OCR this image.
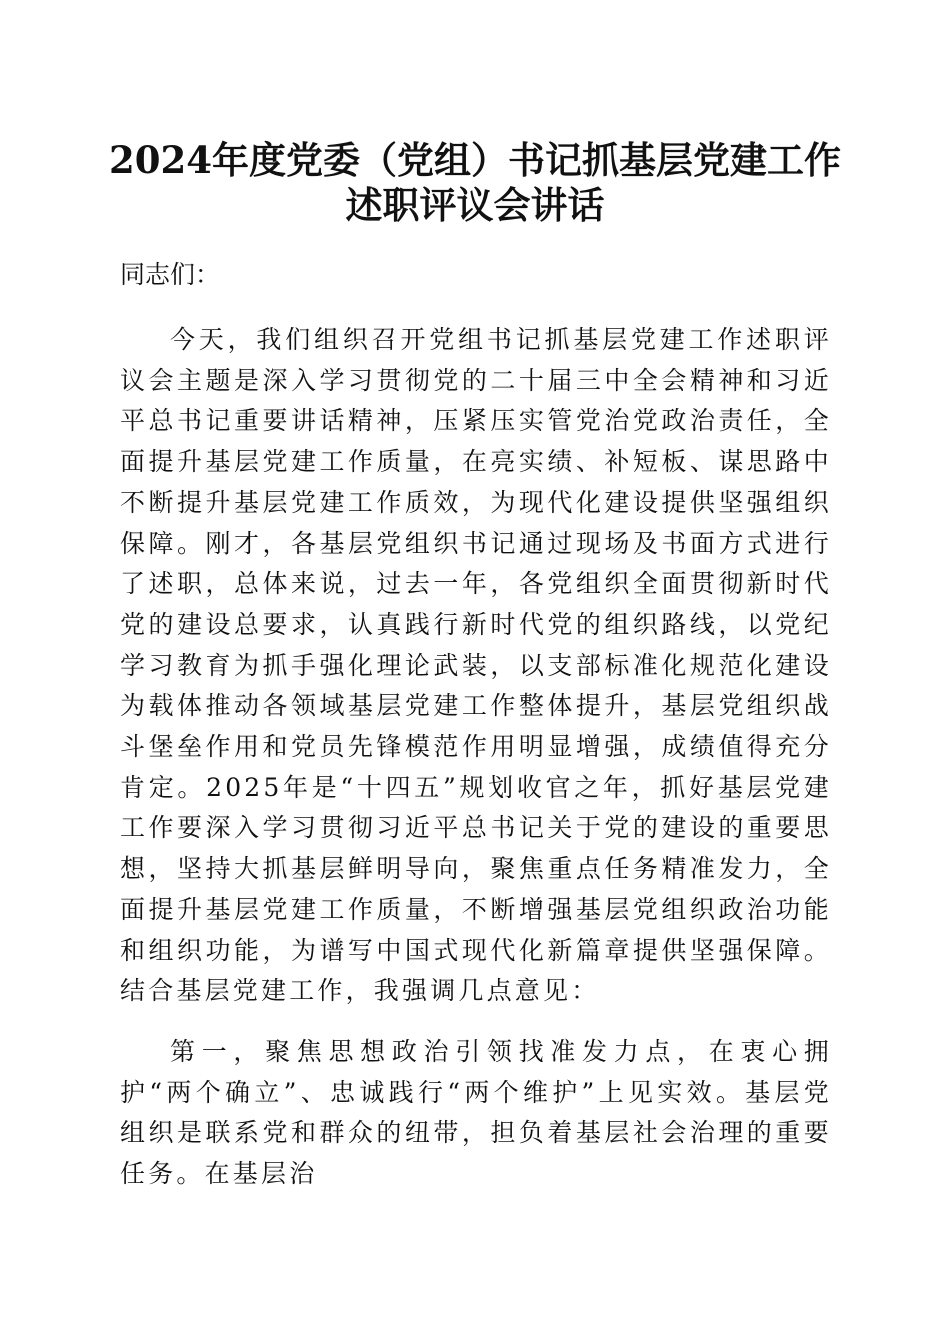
2024年度党委（党组）书记抓基层党建工作
述职评议会讲话

同志们：

今天，我们组织召开党组书记抓基层党建工作述职评议会主题是深入学习贯彻党的二十届三中全会精神和习近平总书记重要讲话精神，压紧压实管党治党政治责任，全面提升基层党建工作质量，在亮实绩、补短板、谋思路中不断提升基层党建工作质效，为现代化建设提供坚强组织保障。刚才，各基层党组织书记通过现场及书面方式进行了述职，总体来说，过去一年，各党组织全面贯彻新时代党的建设总要求，认真践行新时代党的组织路线，以党纪学习教育为抓手强化理论武装，以支部标准化规范化建设为载体推动各领域基层党建工作整体提升，基层党组织战斗堡垒作用和党员先锋模范作用明显增强，成绩值得充分肯定。2025年是“十四五”规划收官之年，抓好基层党建工作要深入学习贯彻习近平总书记关于党的建设的重要思想，坚持大抓基层鲜明导向，聚焦重点任务精准发力，全面提升基层党建工作质量，不断增强基层党组织政治功能和组织功能，为谱写中国式现代化新篇章提供坚强保障。结合基层党建工作，我强调几点意见：

第一，聚焦思想政治引领找准发力点，在衷心拥护“两个确立”、忠诚践行“两个维护”上见实效。基层党组织是联系党和群众的纽带，担负着基层社会治理的重要任务。在基层治
